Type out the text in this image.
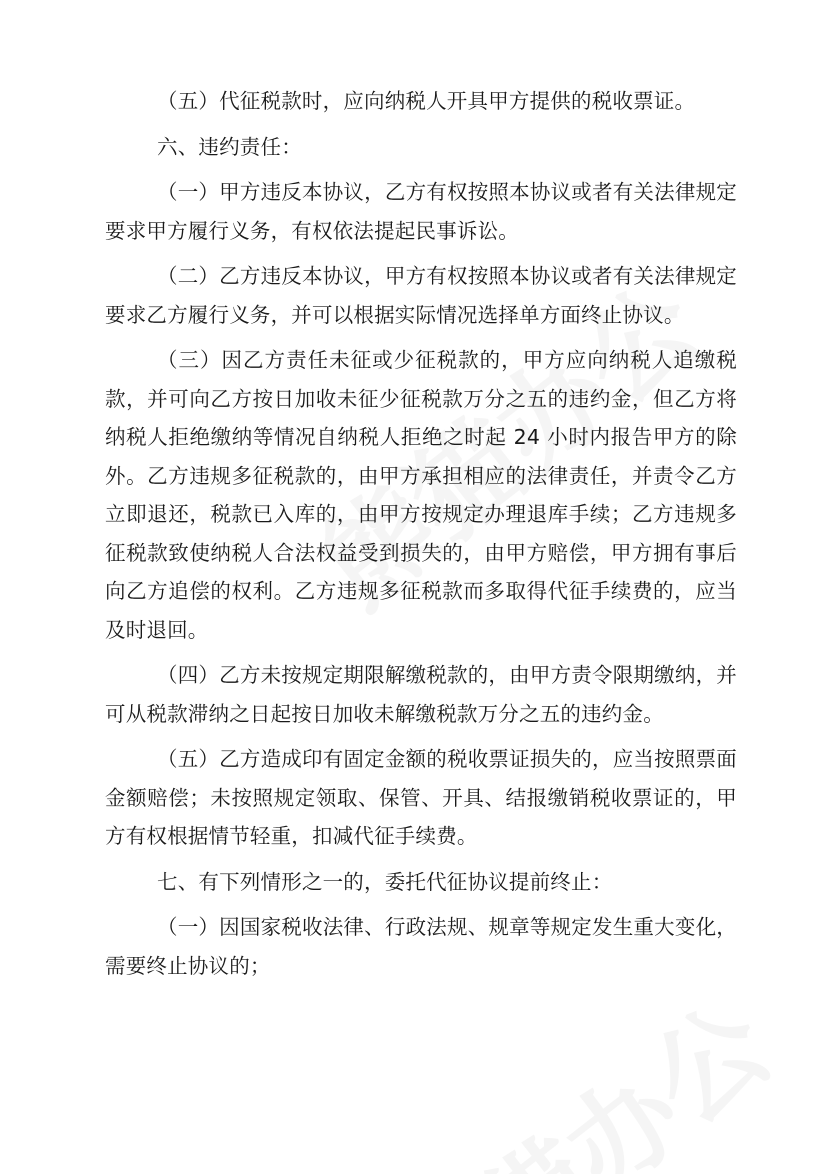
（五）代征税款时，应向纳税人开具甲方提供的税收票证。

六、违约责任：

（一）甲方违反本协议，乙方有权按照本协议或者有关法律规定要求甲方履行义务，有权依法提起民事诉讼。

（二）乙方违反本协议，甲方有权按照本协议或者有关法律规定要求乙方履行义务，并可以根据实际情况选择单方面终止协议。

（三）因乙方责任未征或少征税款的，甲方应向纳税人追缴税款，并可向乙方按日加收未征少征税款万分之五的违约金，但乙方将纳税人拒绝缴纳等情况自纳税人拒绝之时起 24 小时内报告甲方的除外。乙方违规多征税款的，由甲方承担相应的法律责任，并责令乙方立即退还，税款已入库的，由甲方按规定办理退库手续；乙方违规多征税款致使纳税人合法权益受到损失的，由甲方赔偿，甲方拥有事后向乙方追偿的权利。乙方违规多征税款而多取得代征手续费的，应当及时退回。

（四）乙方未按规定期限解缴税款的，由甲方责令限期缴纳，并可从税款滞纳之日起按日加收未解缴税款万分之五的违约金。

（五）乙方造成印有固定金额的税收票证损失的，应当按照票面金额赔偿；未按照规定领取、保管、开具、结报缴销税收票证的，甲方有权根据情节轻重，扣减代征手续费。

七、有下列情形之一的，委托代征协议提前终止：

（一）因国家税收法律、行政法规、规章等规定发生重大变化，需要终止协议的；
